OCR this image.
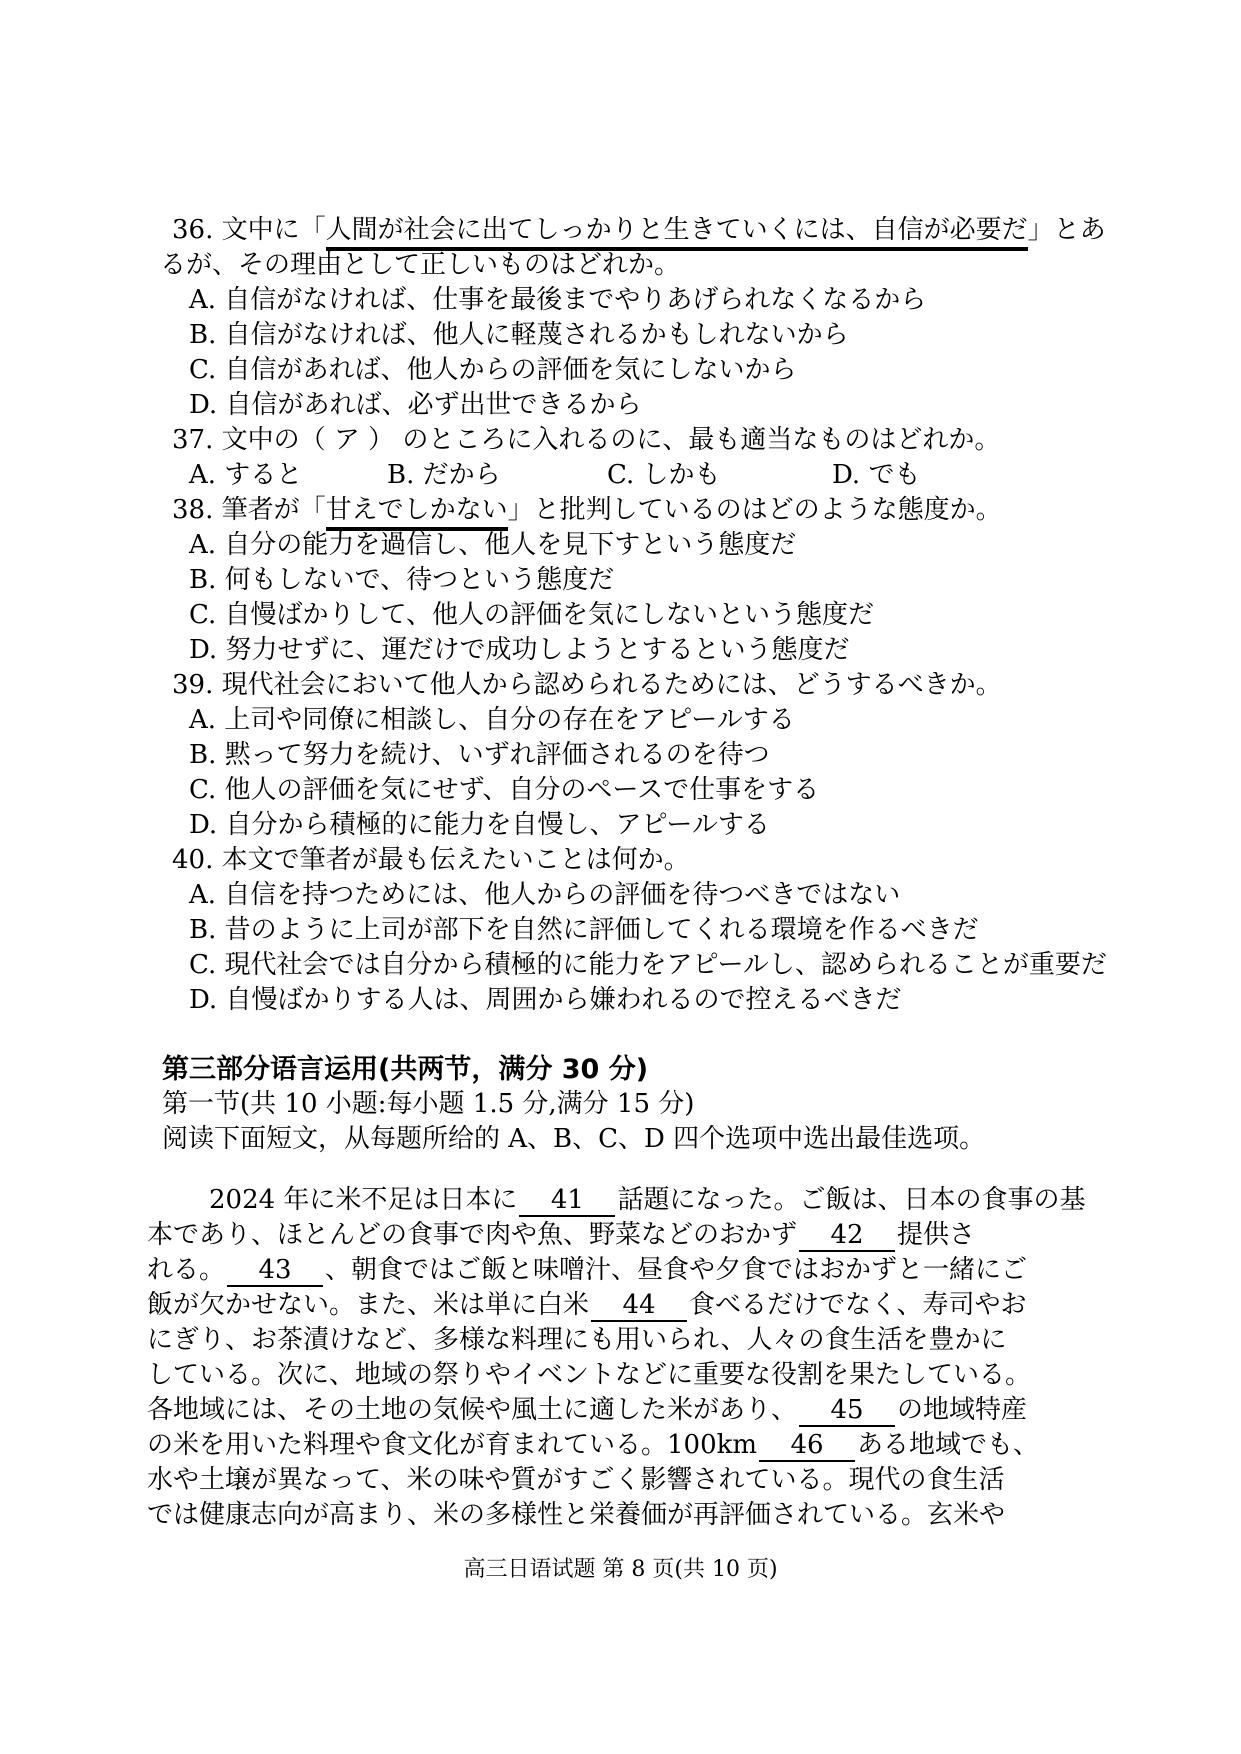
36. 文中に「人間が社会に出てしっかりと生きていくには、自信が必要だ」とあ
るが、その理由として正しいものはどれか。
A. 自信がなければ、仕事を最後までやりあげられなくなるから
B. 自信がなければ、他人に軽蔑されるかもしれないから
C. 自信があれば、他人からの評価を気にしないから
D. 自信があれば、必ず出世できるから
37. 文中の（ ア ） のところに入れるのに、最も適当なものはどれか。
A. すると	B. だから	C. しかも	D. でも
38. 筆者が「甘えでしかない」と批判しているのはどのような態度か。
A. 自分の能力を過信し、他人を見下すという態度だ
B. 何もしないで、待つという態度だ
C. 自慢ばかりして、他人の評価を気にしないという態度だ
D. 努力せずに、運だけで成功しようとするという態度だ
39. 現代社会において他人から認められるためには、どうするべきか。
A. 上司や同僚に相談し、自分の存在をアピールする
B. 黙って努力を続け、いずれ評価されるのを待つ
C. 他人の評価を気にせず、自分のペースで仕事をする
D. 自分から積極的に能力を自慢し、アピールする
40. 本文で筆者が最も伝えたいことは何か。
A. 自信を持つためには、他人からの評価を待つべきではない
B. 昔のように上司が部下を自然に評価してくれる環境を作るべきだ
C. 現代社会では自分から積極的に能力をアピールし、認められることが重要だ
D. 自慢ばかりする人は、周囲から嫌われるので控えるべきだ
第三部分语言运用(共两节，满分 30 分)
第一节(共 10 小题:每小题 1.5 分,满分 15 分)
阅读下面短文，从每题所给的 A、B、C、D 四个选项中选出最佳选项。
2024 年に米不足は日本に 41 話題になった。ご飯は、日本の食事の基
本であり、ほとんどの食事で肉や魚、野菜などのおかず 42 提供さ
れる。 43 、朝食ではご飯と味噌汁、昼食や夕食ではおかずと一緒にご
飯が欠かせない。また、米は単に白米 44 食べるだけでなく、寿司やお
にぎり、お茶漬けなど、多様な料理にも用いられ、人々の食生活を豊かに
している。次に、地域の祭りやイベントなどに重要な役割を果たしている。
各地域には、その土地の気候や風土に適した米があり、 45 の地域特産
の米を用いた料理や食文化が育まれている。100km 46 ある地域でも、
水や土壌が異なって、米の味や質がすごく影響されている。現代の食生活
では健康志向が高まり、米の多様性と栄養価が再評価されている。玄米や
高三日语试题 第 8 页(共 10 页)
